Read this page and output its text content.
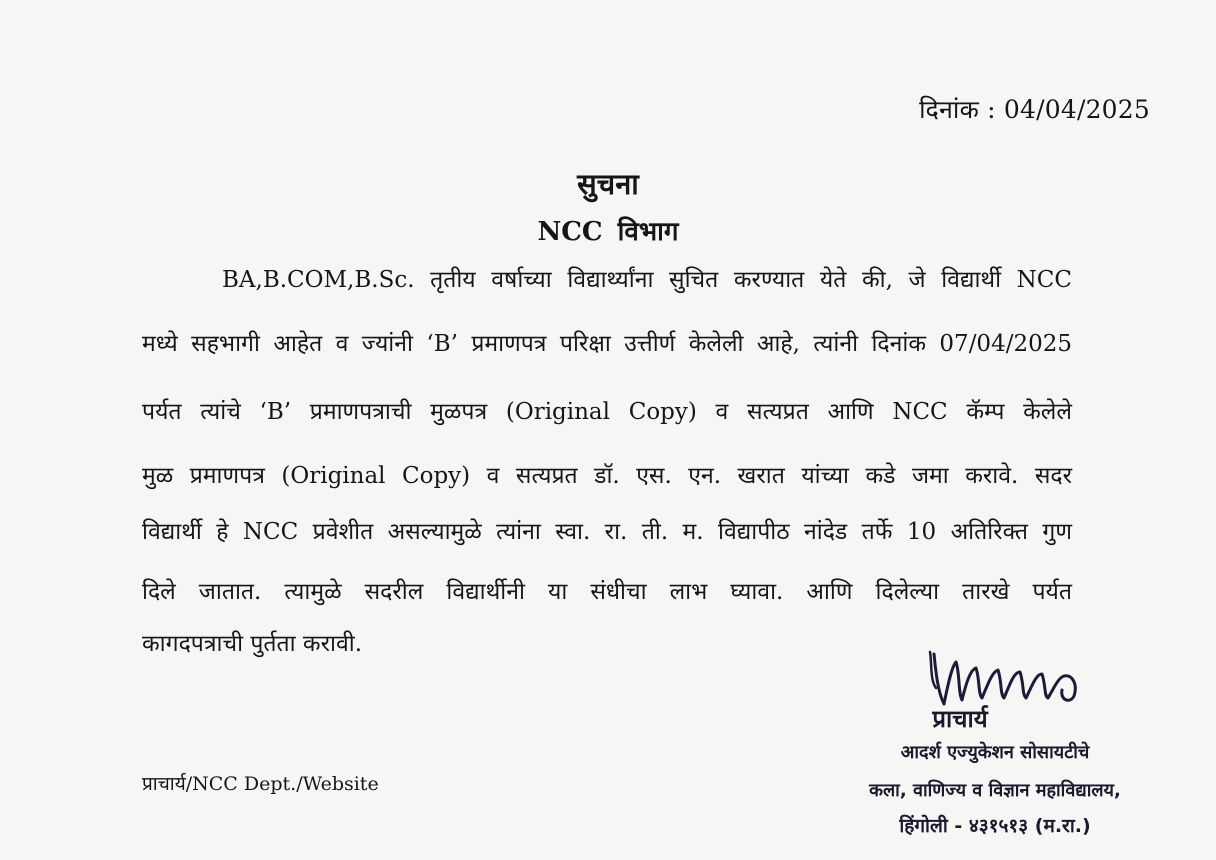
दिनांक : 04/04/2025
सुचना
NCC विभाग
BA,B.COM,B.Sc. तृतीय वर्षाच्या विद्यार्थ्यांना सुचित करण्यात येते की, जे विद्यार्थी NCC
मध्ये सहभागी आहेत व ज्यांनी ‘B’ प्रमाणपत्र परिक्षा उत्तीर्ण केलेली आहे, त्यांनी दिनांक 07/04/2025
पर्यत त्यांचे ‘B’ प्रमाणपत्राची मुळपत्र (Original Copy) व सत्यप्रत आणि NCC कॅम्प केलेले
मुळ प्रमाणपत्र (Original Copy) व सत्यप्रत डॉ. एस. एन. खरात यांच्या कडे जमा करावे. सदर
विद्यार्थी हे NCC प्रवेशीत असल्यामुळे त्यांना स्वा. रा. ती. म. विद्यापीठ नांदेड तर्फे 10 अतिरिक्त गुण
दिले जातात. त्यामुळे सदरील विद्यार्थीनी या संधीचा लाभ घ्यावा. आणि दिलेल्या तारखे पर्यत
कागदपत्राची पुर्तता करावी.
प्राचार्य/NCC Dept./Website
प्राचार्य
आदर्श एज्युकेशन सोसायटीचे
कला, वाणिज्य व विज्ञान महाविद्यालय,
हिंगोली - ४३१५१३ (म.रा.)
